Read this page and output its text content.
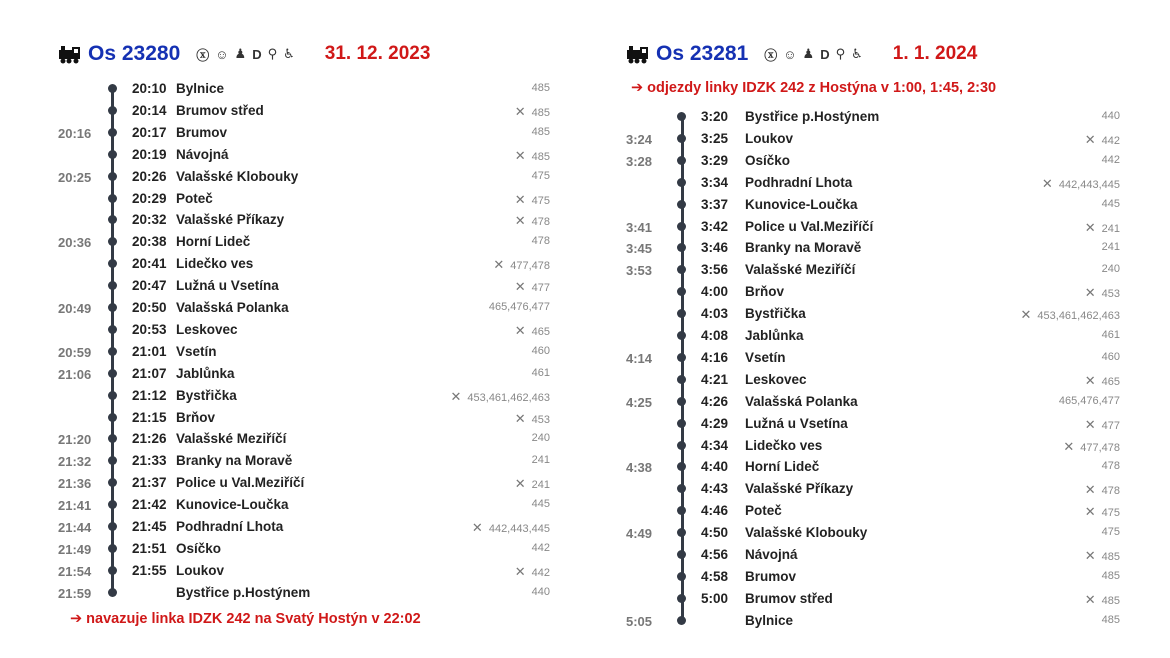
Os 23280 ⓧ ☺ ♟ D ⚲ ♿ 31. 12. 2023
20:10 Bylnice	485
20:14 Brumov střed	✕ 485
20:16	20:17 Brumov	485
20:19 Návojná	✕ 485
20:25	20:26 Valašské Klobouky	475
20:29 Poteč	✕ 475
20:32 Valašské Příkazy	✕ 478
20:36	20:38 Horní Lideč	478
20:41 Lidečko ves	✕ 477,478
20:47 Lužná u Vsetína	✕ 477
20:49	20:50 Valašská Polanka	465,476,477
20:53 Leskovec	✕ 465
20:59	21:01 Vsetín	460
21:06	21:07 Jablůnka	461
21:12 Bystřička	✕ 453,461,462,463
21:15 Brňov	✕ 453
21:20	21:26 Valašské Meziříčí	240
21:32	21:33 Branky na Moravě	241
21:36	21:37 Police u Val.Meziříčí	✕ 241
21:41	21:42 Kunovice-Loučka	445
21:44	21:45 Podhradní Lhota	✕ 442,443,445
21:49	21:51 Osíčko	442
21:54	21:55 Loukov	✕ 442
21:59	Bystřice p.Hostýnem	440
➔ navazuje linka IDZK 242 na Svatý Hostýn v 22:02
Os 23281 ⓧ ☺ ♟ D ⚲ ♿ 1. 1. 2024
➔ odjezdy linky IDZK 242 z Hostýna v 1:00, 1:45, 2:30
3:20 Bystřice p.Hostýnem	440
3:24	3:25 Loukov	✕ 442
3:28	3:29 Osíčko	442
3:34 Podhradní Lhota	✕ 442,443,445
3:37 Kunovice-Loučka	445
3:41	3:42 Police u Val.Meziříčí	✕ 241
3:45	3:46 Branky na Moravě	241
3:53	3:56 Valašské Meziříčí	240
4:00 Brňov	✕ 453
4:03 Bystřička	✕ 453,461,462,463
4:08 Jablůnka	461
4:14	4:16 Vsetín	460
4:21 Leskovec	✕ 465
4:25	4:26 Valašská Polanka	465,476,477
4:29 Lužná u Vsetína	✕ 477
4:34 Lidečko ves	✕ 477,478
4:38	4:40 Horní Lideč	478
4:43 Valašské Příkazy	✕ 478
4:46 Poteč	✕ 475
4:49	4:50 Valašské Klobouky	475
4:56 Návojná	✕ 485
4:58 Brumov	485
5:00 Brumov střed	✕ 485
5:05	Bylnice	485
